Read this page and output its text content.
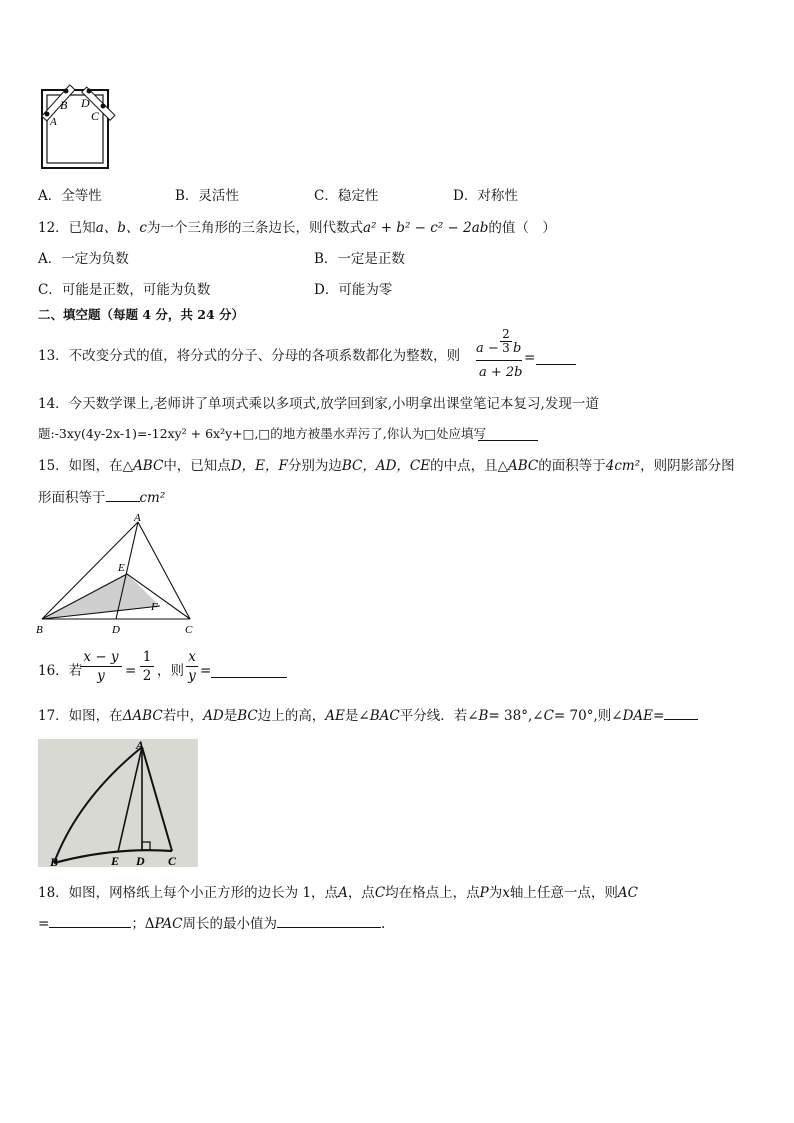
B D
A	C
A．全等性	B．灵活性	C．稳定性	D．对称性
12．已知a、b、c为一个三角形的三条边长，则代数式a² + b² − c² − 2ab的值（　）
A．一定为负数	B．一定是正数
C．可能是正数，可能为负数	D．可能为零
二、填空题（每题 4 分，共 24 分）
13．不改变分式的值，将分式的分子、分母的各项系数都化为整数，则 a −
2
3 b
a + 2b
=
14．今天数学课上,老师讲了单项式乘以多项式,放学回到家,小明拿出课堂笔记本复习,发现一道
题:-3xy(4y-2x-1)=-12xy² + 6x²y+□,□的地方被墨水弄污了,你认为□处应填写
15．如图，在△ABC中，已知点D，E，F分别为边BC，AD，CE的中点，且△ABC的面积等于4cm²，则阴影部分图
形面积等于	cm²
A
E
F
B	D	C
16．若
x − y
y	=
1
2 ，则
x
y =
17．如图，在ΔABC若中，AD是BC边上的高，AE是∠BAC平分线．若∠B= 38°,∠C= 70°,则∠DAE=
A
B	E D C
18．如图，网格纸上每个小正方形的边长为 1，点A，点C均在格点上，点P为x轴上任意一点，则AC
=	；ΔPAC周长的最小值为	.
